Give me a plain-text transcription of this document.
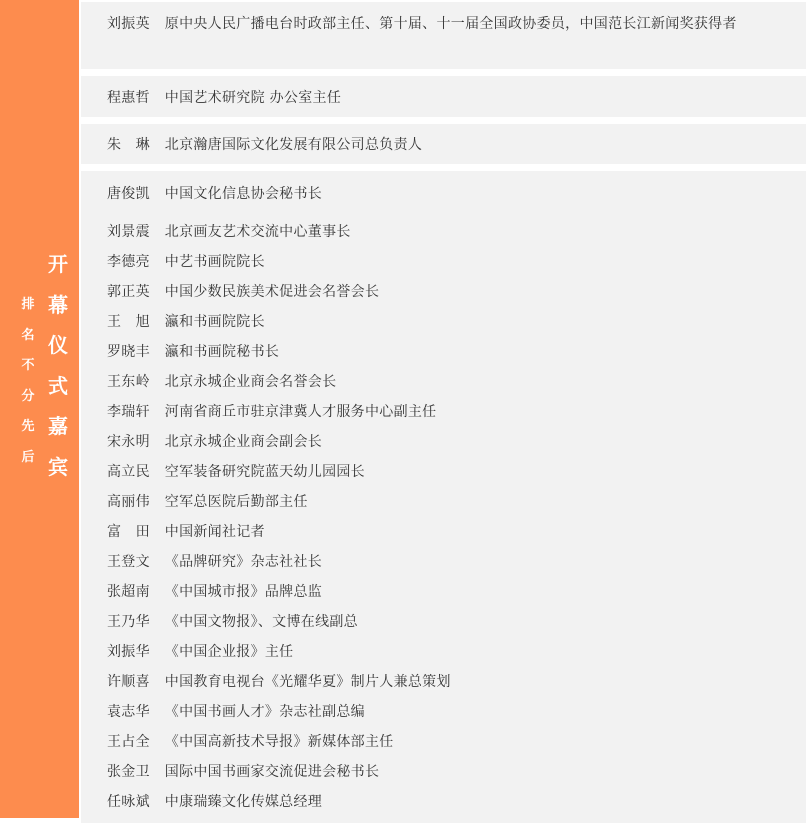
开
幕
仪
式
嘉
宾
排
名
不
分
先
后
刘振英 原中央人民广播电台时政部主任、第十届、十一届全国政协委员，中国范长江新闻奖获得者
程惠哲 中国艺术研究院 办公室主任
朱　琳 北京瀚唐国际文化发展有限公司总负责人
唐俊凯 中国文化信息协会秘书长
刘景震 北京画友艺术交流中心董事长
李德亮 中艺书画院院长
郭正英 中国少数民族美术促进会名誉会长
王　旭 瀛和书画院院长
罗晓丰 瀛和书画院秘书长
王东岭 北京永城企业商会名誉会长
李瑞轩 河南省商丘市驻京津冀人才服务中心副主任
宋永明 北京永城企业商会副会长
高立民 空军装备研究院蓝天幼儿园园长
高丽伟 空军总医院后勤部主任
富　田 中国新闻社记者
王登文 《品牌研究》杂志社社长
张超南 《中国城市报》品牌总监
王乃华 《中国文物报》、文博在线副总
刘振华 《中国企业报》主任
许顺喜 中国教育电视台《光耀华夏》制片人兼总策划
袁志华 《中国书画人才》杂志社副总编
王占全 《中国高新技术导报》新媒体部主任
张金卫 国际中国书画家交流促进会秘书长
任咏斌 中康瑞臻文化传媒总经理
